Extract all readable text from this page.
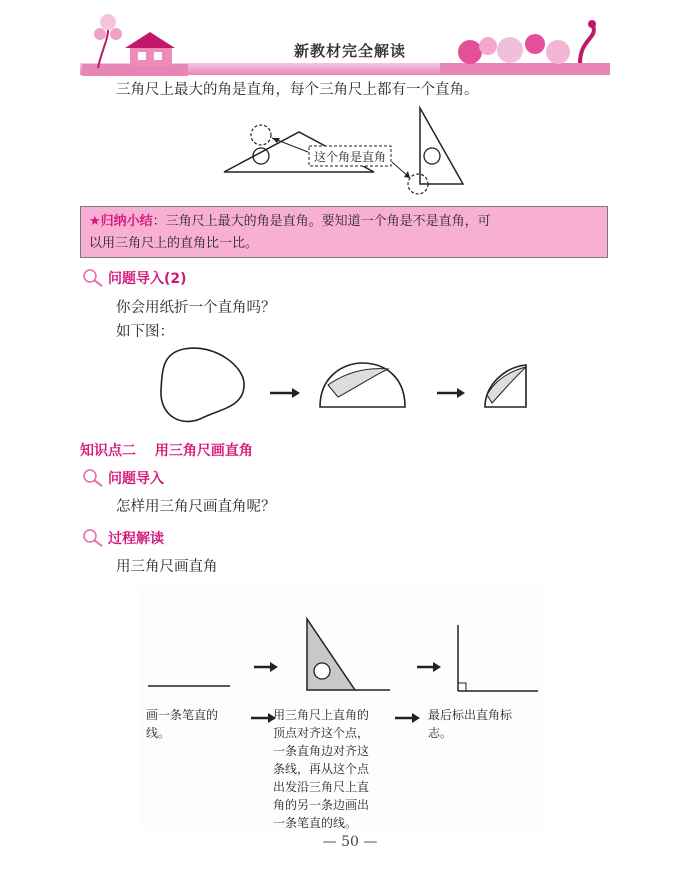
新教材完全解读
三角尺上最大的角是直角，每个三角尺上都有一个直角。
这个角是直角
★归纳小结：三角尺上最大的角是直角。要知道一个角是不是直角，可
以用三角尺上的直角比一比。
问题导入(2)
你会用纸折一个直角吗？
如下图：
知识点二 用三角尺画直角
问题导入
怎样用三角尺画直角呢？
过程解读
用三角尺画直角
画一条笔直的
线。
用三角尺上直角的
顶点对齐这个点，
一条直角边对齐这
条线，再从这个点
出发沿三角尺上直
角的另一条边画出
一条笔直的线。
最后标出直角标
志。
— 50 —
